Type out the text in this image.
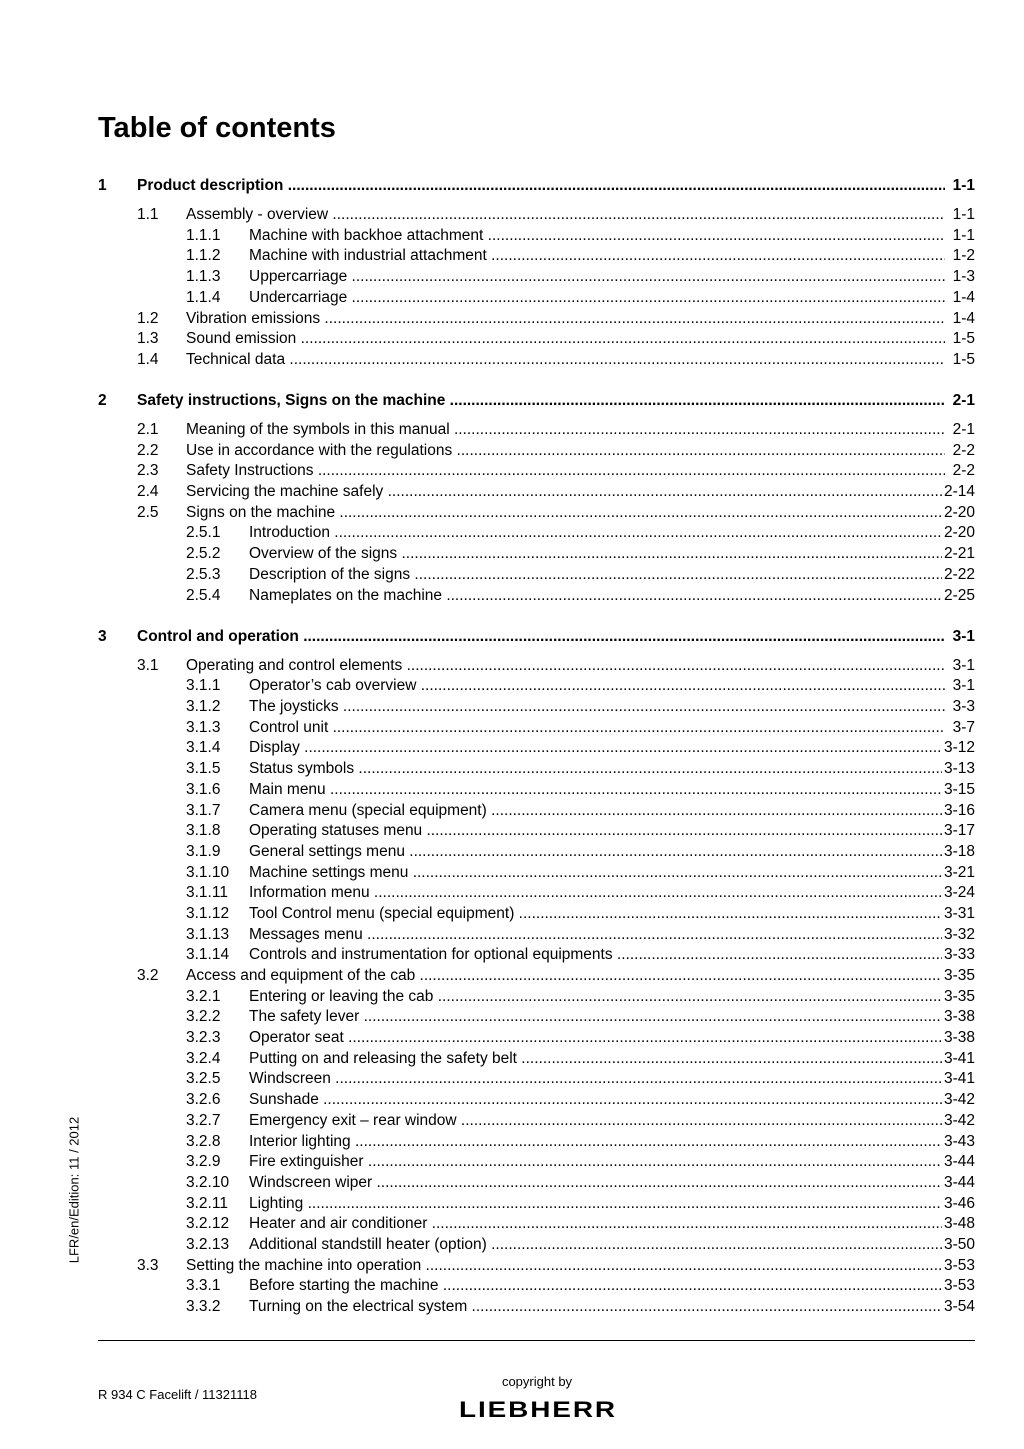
Table of contents
1 Product description .....	1-1
1.1 Assembly - overview .....	1-1
1.1.1 Machine with backhoe attachment .....	1-1
1.1.2 Machine with industrial attachment .....	1-2
1.1.3 Uppercarriage .....	1-3
1.1.4 Undercarriage .....	1-4
1.2 Vibration emissions .....	1-4
1.3 Sound emission .....	1-5
1.4 Technical data .....	1-5
2 Safety instructions, Signs on the machine .....	2-1
2.1 Meaning of the symbols in this manual .....	2-1
2.2 Use in accordance with the regulations .....	2-2
2.3 Safety Instructions .....	2-2
2.4 Servicing the machine safely .....	2-14
2.5 Signs on the machine .....	2-20
2.5.1 Introduction .....	2-20
2.5.2 Overview of the signs .....	2-21
2.5.3 Description of the signs .....	2-22
2.5.4 Nameplates on the machine .....	2-25
3 Control and operation .....	3-1
3.1 Operating and control elements .....	3-1
3.1.1 Operator’s cab overview .....	3-1
3.1.2 The joysticks .....	3-3
3.1.3 Control unit .....	3-7
3.1.4 Display .....	3-12
3.1.5 Status symbols .....	3-13
3.1.6 Main menu .....	3-15
3.1.7 Camera menu (special equipment) .....	3-16
3.1.8 Operating statuses menu .....	3-17
3.1.9 General settings menu .....	3-18
3.1.10 Machine settings menu .....	3-21
3.1.11 Information menu .....	3-24
3.1.12 Tool Control menu (special equipment) .....	3-31
3.1.13 Messages menu .....	3-32
3.1.14 Controls and instrumentation for optional equipments .....	3-33
3.2 Access and equipment of the cab .....	3-35
3.2.1 Entering or leaving the cab .....	3-35
3.2.2 The safety lever .....	3-38
3.2.3 Operator seat .....	3-38
3.2.4 Putting on and releasing the safety belt .....	3-41
3.2.5 Windscreen .....	3-41
3.2.6 Sunshade .....	3-42
3.2.7 Emergency exit – rear window .....	3-42
3.2.8 Interior lighting .....	3-43
3.2.9 Fire extinguisher .....	3-44
3.2.10 Windscreen wiper .....	3-44
3.2.11 Lighting .....	3-46
3.2.12 Heater and air conditioner .....	3-48
3.2.13 Additional standstill heater (option) .....	3-50
3.3 Setting the machine into operation .....	3-53
3.3.1 Before starting the machine .....	3-53
3.3.2 Turning on the electrical system .....	3-54
LFR/en/Edition: 11 / 2012
R 934 C Facelift / 11321118
copyright by
LIEBHERR
